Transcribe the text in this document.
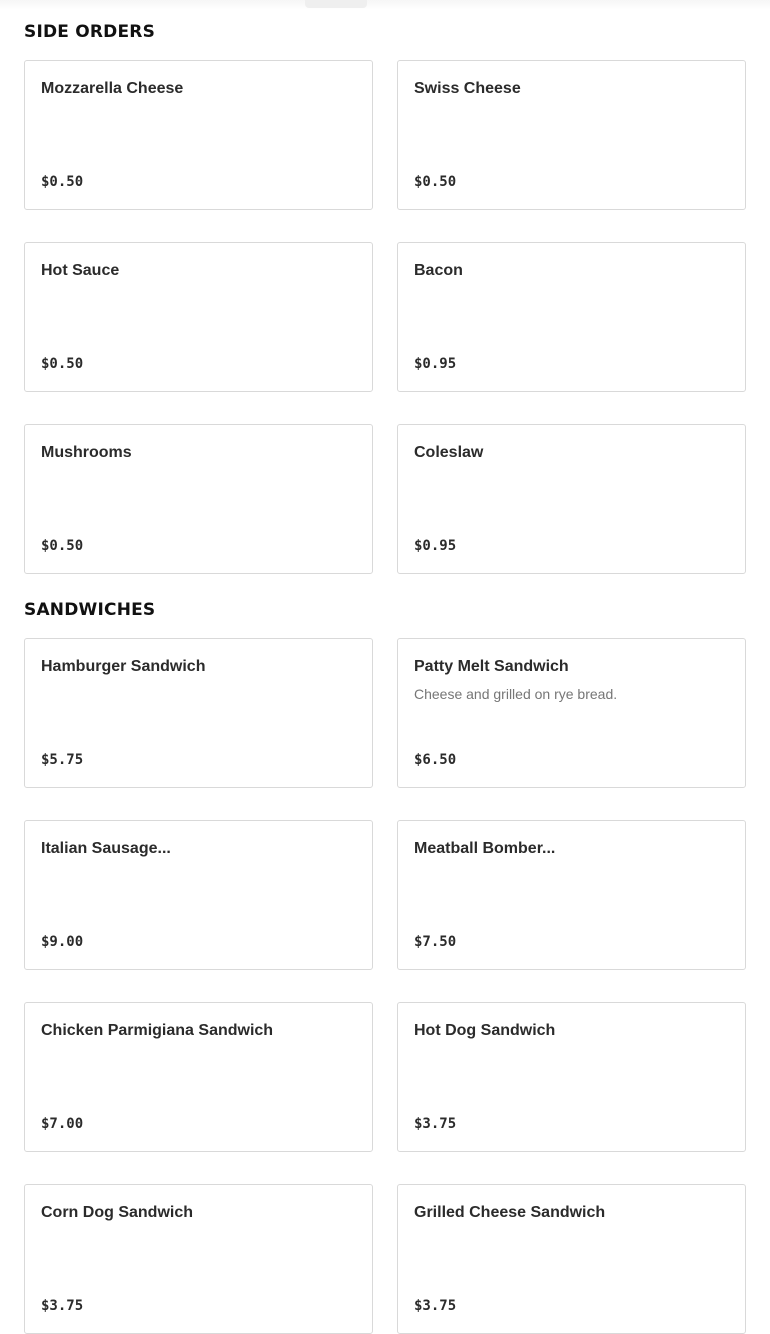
SIDE ORDERS
Mozzarella Cheese
$0.50
Swiss Cheese
$0.50
Hot Sauce
$0.50
Bacon
$0.95
Mushrooms
$0.50
Coleslaw
$0.95
SANDWICHES
Hamburger Sandwich
$5.75
Patty Melt Sandwich
Cheese and grilled on rye bread.
$6.50
Italian Sausage...
$9.00
Meatball Bomber...
$7.50
Chicken Parmigiana Sandwich
$7.00
Hot Dog Sandwich
$3.75
Corn Dog Sandwich
$3.75
Grilled Cheese Sandwich
$3.75
